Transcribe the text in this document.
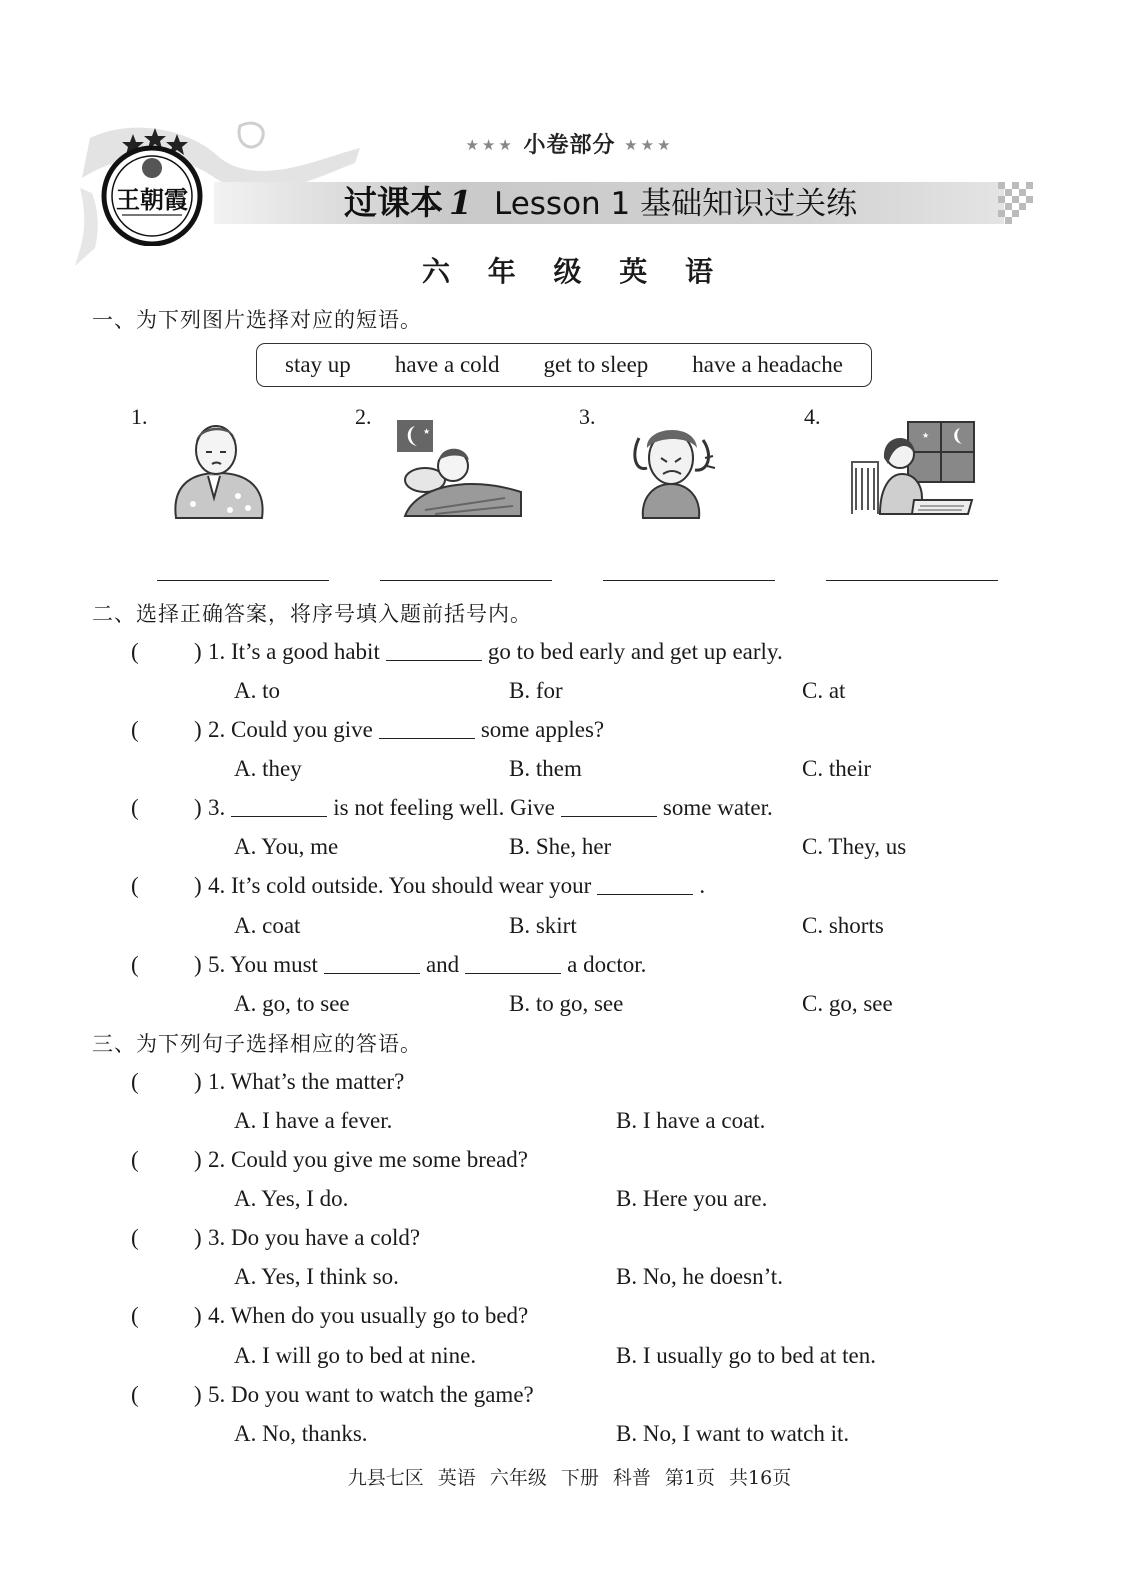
王朝霞
★★★ 小卷部分 ★★★
过课本 1 Lesson 1 基础知识过关练
六 年 级 英 语
一、为下列图片选择对应的短语。
stay up have a cold get to sleep have a headache
1.	2.	3.	4.
★	★
二、选择正确答案，将序号填入题前括号内。
( ) 1. It’s a good habit	go to bed early and get up early.
A. to	B. for	C. at
( ) 2. Could you give	some apples?
A. they	B. them	C. their
( ) 3.	is not feeling well. Give	some water.
A. You, me	B. She, her	C. They, us
( ) 4. It’s cold outside. You should wear your	.
A. coat	B. skirt	C. shorts
( ) 5. You must	and	a doctor.
A. go, to see	B. to go, see	C. go, see
三、为下列句子选择相应的答语。
( ) 1. What’s the matter?
A. I have a fever.	B. I have a coat.
( ) 2. Could you give me some bread?
A. Yes, I do.	B. Here you are.
( ) 3. Do you have a cold?
A. Yes, I think so.	B. No, he doesn’t.
( ) 4. When do you usually go to bed?
A. I will go to bed at nine.	B. I usually go to bed at ten.
( ) 5. Do you want to watch the game?
A. No, thanks.	B. No, I want to watch it.
九县七区 英语 六年级 下册 科普 第1页 共16页
